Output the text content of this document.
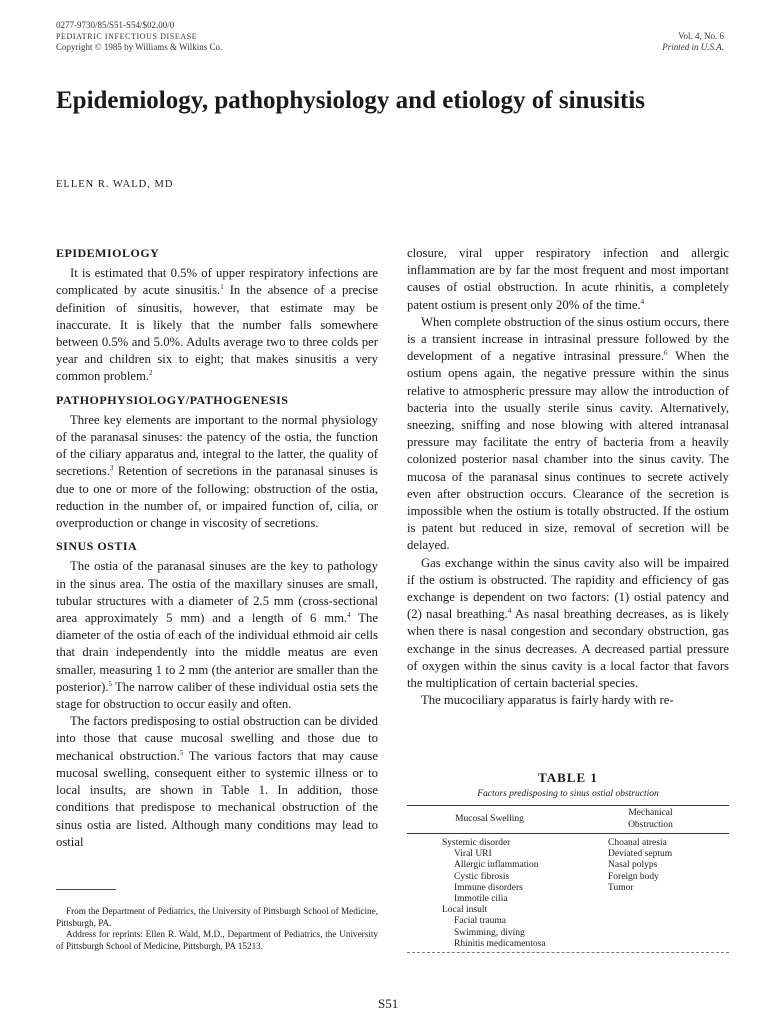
0277-9730/85/S51-S54/$02.00/0
PEDIATRIC INFECTIOUS DISEASE
Copyright © 1985 by Williams & Wilkins Co.
Vol. 4, No. 6
Printed in U.S.A.
Epidemiology, pathophysiology and etiology of sinusitis
ELLEN R. WALD, MD
EPIDEMIOLOGY

It is estimated that 0.5% of upper respiratory infections are complicated by acute sinusitis.$^1$ In the absence of a precise definition of sinusitis, however, that estimate may be inaccurate. It is likely that the number falls somewhere between 0.5% and 5.0%. Adults average two to three colds per year and children six to eight; that makes sinusitis a very common problem.$^2$

PATHOPHYSIOLOGY/PATHOGENESIS

Three key elements are important to the normal physiology of the paranasal sinuses: the patency of the ostia, the function of the ciliary apparatus and, integral to the latter, the quality of secretions.$^3$ Retention of secretions in the paranasal sinuses is due to one or more of the following: obstruction of the ostia, reduction in the number of, or impaired function of, cilia, or overproduction or change in viscosity of secretions.

SINUS OSTIA

The ostia of the paranasal sinuses are the key to pathology in the sinus area. The ostia of the maxillary sinuses are small, tubular structures with a diameter of 2.5 mm (cross-sectional area approximately 5 mm) and a length of 6 mm.$^4$ The diameter of the ostia of each of the individual ethmoid air cells that drain independently into the middle meatus are even smaller, measuring 1 to 2 mm (the anterior are smaller than the posterior).$^5$ The narrow caliber of these individual ostia sets the stage for obstruction to occur easily and often.

The factors predisposing to ostial obstruction can be divided into those that cause mucosal swelling and those due to mechanical obstruction.$^5$ The various factors that may cause mucosal swelling, consequent either to systemic illness or to local insults, are shown in Table 1. In addition, those conditions that predispose to mechanical obstruction of the sinus ostia are listed. Although many conditions may lead to ostial

From the Department of Pediatrics, the University of Pittsburgh School of Medicine, Pittsburgh, PA.

Address for reprints: Ellen R. Wald, M.D., Department of Pediatrics, the University of Pittsburgh School of Medicine, Pittsburgh, PA 15213.

closure, viral upper respiratory infection and allergic inflammation are by far the most frequent and most important causes of ostial obstruction. In acute rhinitis, a completely patent ostium is present only 20% of the time.$^4$

When complete obstruction of the sinus ostium occurs, there is a transient increase in intrasinal pressure followed by the development of a negative intrasinal pressure.$^6$ When the ostium opens again, the negative pressure within the sinus relative to atmospheric pressure may allow the introduction of bacteria into the usually sterile sinus cavity. Alternatively, sneezing, sniffing and nose blowing with altered intranasal pressure may facilitate the entry of bacteria from a heavily colonized posterior nasal chamber into the sinus cavity. The mucosa of the paranasal sinus continues to secrete actively even after obstruction occurs. Clearance of the secretion is impossible when the ostium is totally obstructed. If the ostium is patent but reduced in size, removal of secretion will be delayed.

Gas exchange within the sinus cavity also will be impaired if the ostium is obstructed. The rapidity and efficiency of gas exchange is dependent on two factors: (1) ostial patency and (2) nasal breathing.$^4$ As nasal breathing decreases, as is likely when there is nasal congestion and secondary obstruction, gas exchange in the sinus decreases. A decreased partial pressure of oxygen within the sinus cavity is a local factor that favors the multiplication of certain bacterial species.

The mucociliary apparatus is fairly hardy with re-

TABLE 1
Factors predisposing to sinus ostial obstruction
Mucosal Swelling
Mechanical
Obstruction
Systemic disorder
Viral URI
Allergic inflammation
Cystic fibrosis
Immune disorders
Immotile cilia
Local insult
Facial trauma
Swimming, diving
Rhinitis medicamentosa
Choanal atresia
Deviated septum
Nasal polyps
Foreign body
Tumor
S51
